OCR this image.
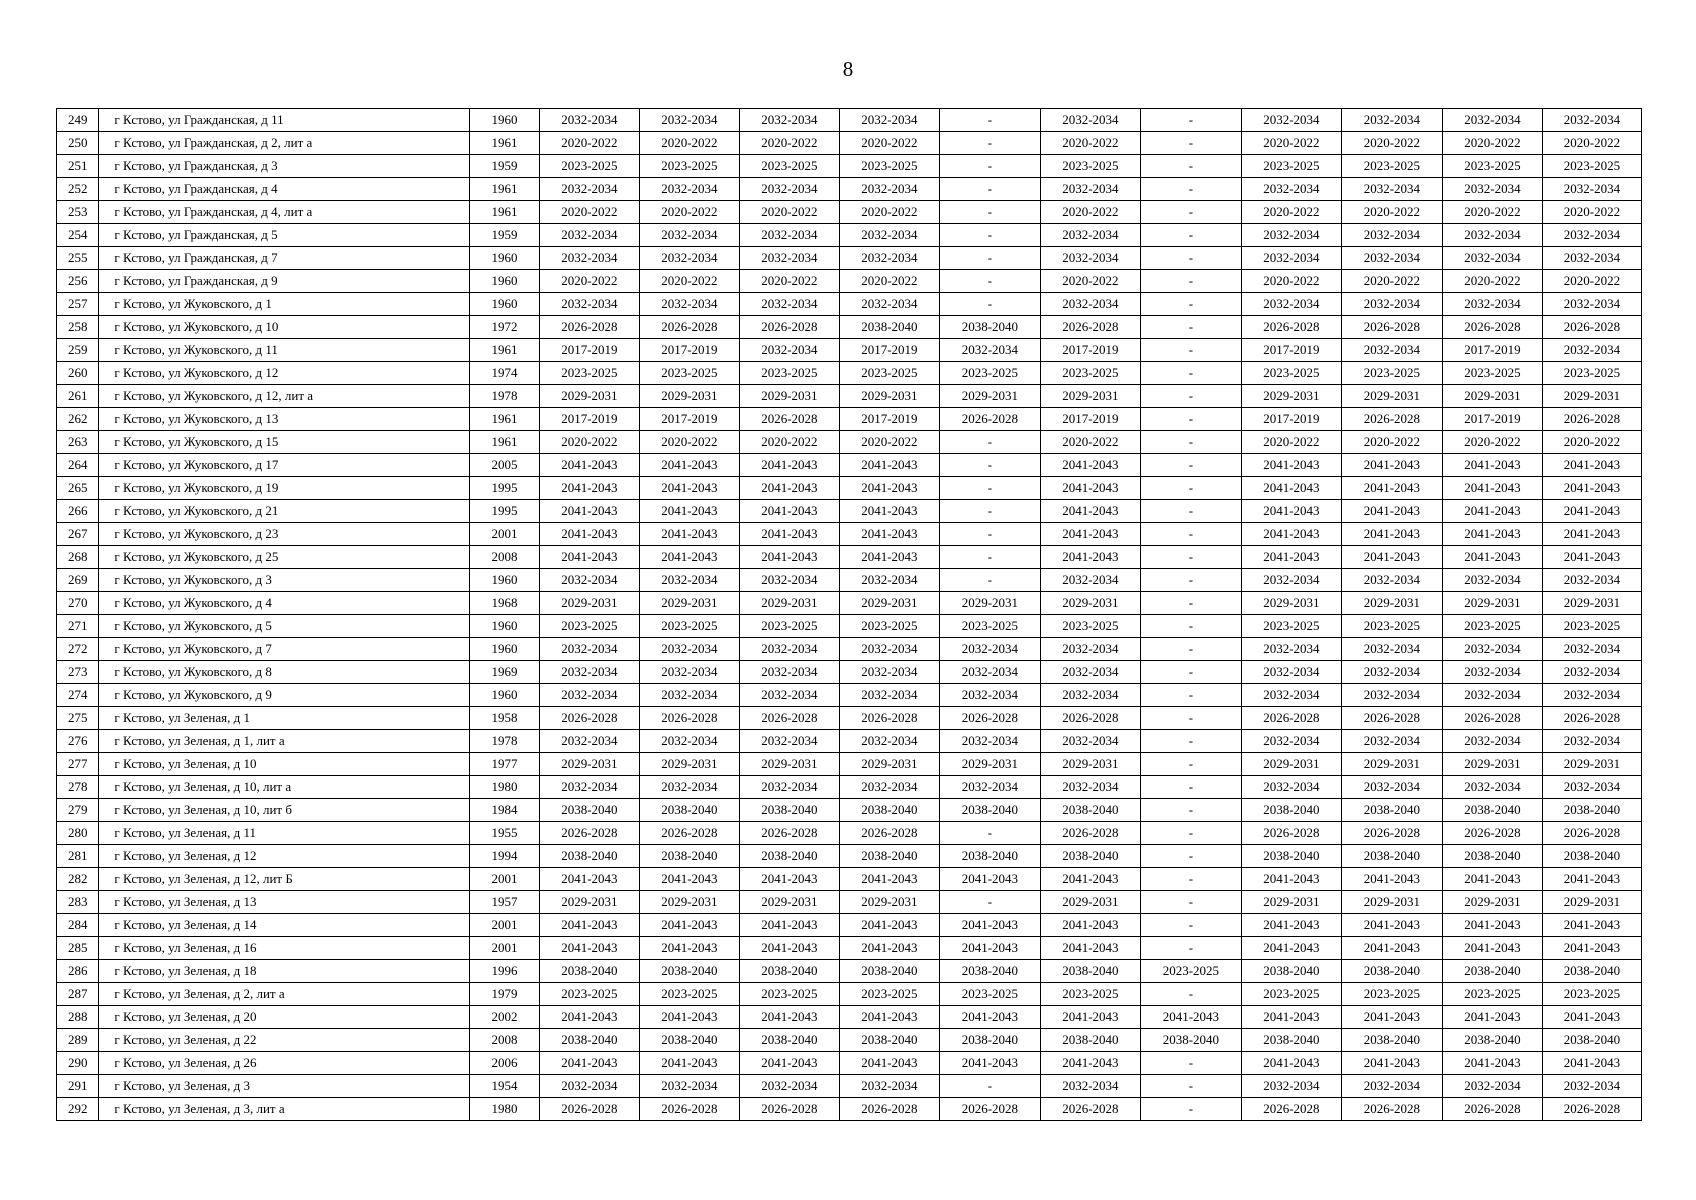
8
249	г Кстово, ул Гражданская, д 11	1960	2032-2034	2032-2034	2032-2034	2032-2034	-	2032-2034	-	2032-2034	2032-2034	2032-2034	2032-2034
250	г Кстово, ул Гражданская, д 2, лит а	1961	2020-2022	2020-2022	2020-2022	2020-2022	-	2020-2022	-	2020-2022	2020-2022	2020-2022	2020-2022
251	г Кстово, ул Гражданская, д 3	1959	2023-2025	2023-2025	2023-2025	2023-2025	-	2023-2025	-	2023-2025	2023-2025	2023-2025	2023-2025
252	г Кстово, ул Гражданская, д 4	1961	2032-2034	2032-2034	2032-2034	2032-2034	-	2032-2034	-	2032-2034	2032-2034	2032-2034	2032-2034
253	г Кстово, ул Гражданская, д 4, лит а	1961	2020-2022	2020-2022	2020-2022	2020-2022	-	2020-2022	-	2020-2022	2020-2022	2020-2022	2020-2022
254	г Кстово, ул Гражданская, д 5	1959	2032-2034	2032-2034	2032-2034	2032-2034	-	2032-2034	-	2032-2034	2032-2034	2032-2034	2032-2034
255	г Кстово, ул Гражданская, д 7	1960	2032-2034	2032-2034	2032-2034	2032-2034	-	2032-2034	-	2032-2034	2032-2034	2032-2034	2032-2034
256	г Кстово, ул Гражданская, д 9	1960	2020-2022	2020-2022	2020-2022	2020-2022	-	2020-2022	-	2020-2022	2020-2022	2020-2022	2020-2022
257	г Кстово, ул Жуковского, д 1	1960	2032-2034	2032-2034	2032-2034	2032-2034	-	2032-2034	-	2032-2034	2032-2034	2032-2034	2032-2034
258	г Кстово, ул Жуковского, д 10	1972	2026-2028	2026-2028	2026-2028	2038-2040	2038-2040	2026-2028	-	2026-2028	2026-2028	2026-2028	2026-2028
259	г Кстово, ул Жуковского, д 11	1961	2017-2019	2017-2019	2032-2034	2017-2019	2032-2034	2017-2019	-	2017-2019	2032-2034	2017-2019	2032-2034
260	г Кстово, ул Жуковского, д 12	1974	2023-2025	2023-2025	2023-2025	2023-2025	2023-2025	2023-2025	-	2023-2025	2023-2025	2023-2025	2023-2025
261	г Кстово, ул Жуковского, д 12, лит а	1978	2029-2031	2029-2031	2029-2031	2029-2031	2029-2031	2029-2031	-	2029-2031	2029-2031	2029-2031	2029-2031
262	г Кстово, ул Жуковского, д 13	1961	2017-2019	2017-2019	2026-2028	2017-2019	2026-2028	2017-2019	-	2017-2019	2026-2028	2017-2019	2026-2028
263	г Кстово, ул Жуковского, д 15	1961	2020-2022	2020-2022	2020-2022	2020-2022	-	2020-2022	-	2020-2022	2020-2022	2020-2022	2020-2022
264	г Кстово, ул Жуковского, д 17	2005	2041-2043	2041-2043	2041-2043	2041-2043	-	2041-2043	-	2041-2043	2041-2043	2041-2043	2041-2043
265	г Кстово, ул Жуковского, д 19	1995	2041-2043	2041-2043	2041-2043	2041-2043	-	2041-2043	-	2041-2043	2041-2043	2041-2043	2041-2043
266	г Кстово, ул Жуковского, д 21	1995	2041-2043	2041-2043	2041-2043	2041-2043	-	2041-2043	-	2041-2043	2041-2043	2041-2043	2041-2043
267	г Кстово, ул Жуковского, д 23	2001	2041-2043	2041-2043	2041-2043	2041-2043	-	2041-2043	-	2041-2043	2041-2043	2041-2043	2041-2043
268	г Кстово, ул Жуковского, д 25	2008	2041-2043	2041-2043	2041-2043	2041-2043	-	2041-2043	-	2041-2043	2041-2043	2041-2043	2041-2043
269	г Кстово, ул Жуковского, д 3	1960	2032-2034	2032-2034	2032-2034	2032-2034	-	2032-2034	-	2032-2034	2032-2034	2032-2034	2032-2034
270	г Кстово, ул Жуковского, д 4	1968	2029-2031	2029-2031	2029-2031	2029-2031	2029-2031	2029-2031	-	2029-2031	2029-2031	2029-2031	2029-2031
271	г Кстово, ул Жуковского, д 5	1960	2023-2025	2023-2025	2023-2025	2023-2025	2023-2025	2023-2025	-	2023-2025	2023-2025	2023-2025	2023-2025
272	г Кстово, ул Жуковского, д 7	1960	2032-2034	2032-2034	2032-2034	2032-2034	2032-2034	2032-2034	-	2032-2034	2032-2034	2032-2034	2032-2034
273	г Кстово, ул Жуковского, д 8	1969	2032-2034	2032-2034	2032-2034	2032-2034	2032-2034	2032-2034	-	2032-2034	2032-2034	2032-2034	2032-2034
274	г Кстово, ул Жуковского, д 9	1960	2032-2034	2032-2034	2032-2034	2032-2034	2032-2034	2032-2034	-	2032-2034	2032-2034	2032-2034	2032-2034
275	г Кстово, ул Зеленая, д 1	1958	2026-2028	2026-2028	2026-2028	2026-2028	2026-2028	2026-2028	-	2026-2028	2026-2028	2026-2028	2026-2028
276	г Кстово, ул Зеленая, д 1, лит а	1978	2032-2034	2032-2034	2032-2034	2032-2034	2032-2034	2032-2034	-	2032-2034	2032-2034	2032-2034	2032-2034
277	г Кстово, ул Зеленая, д 10	1977	2029-2031	2029-2031	2029-2031	2029-2031	2029-2031	2029-2031	-	2029-2031	2029-2031	2029-2031	2029-2031
278	г Кстово, ул Зеленая, д 10, лит а	1980	2032-2034	2032-2034	2032-2034	2032-2034	2032-2034	2032-2034	-	2032-2034	2032-2034	2032-2034	2032-2034
279	г Кстово, ул Зеленая, д 10, лит б	1984	2038-2040	2038-2040	2038-2040	2038-2040	2038-2040	2038-2040	-	2038-2040	2038-2040	2038-2040	2038-2040
280	г Кстово, ул Зеленая, д 11	1955	2026-2028	2026-2028	2026-2028	2026-2028	-	2026-2028	-	2026-2028	2026-2028	2026-2028	2026-2028
281	г Кстово, ул Зеленая, д 12	1994	2038-2040	2038-2040	2038-2040	2038-2040	2038-2040	2038-2040	-	2038-2040	2038-2040	2038-2040	2038-2040
282	г Кстово, ул Зеленая, д 12, лит Б	2001	2041-2043	2041-2043	2041-2043	2041-2043	2041-2043	2041-2043	-	2041-2043	2041-2043	2041-2043	2041-2043
283	г Кстово, ул Зеленая, д 13	1957	2029-2031	2029-2031	2029-2031	2029-2031	-	2029-2031	-	2029-2031	2029-2031	2029-2031	2029-2031
284	г Кстово, ул Зеленая, д 14	2001	2041-2043	2041-2043	2041-2043	2041-2043	2041-2043	2041-2043	-	2041-2043	2041-2043	2041-2043	2041-2043
285	г Кстово, ул Зеленая, д 16	2001	2041-2043	2041-2043	2041-2043	2041-2043	2041-2043	2041-2043	-	2041-2043	2041-2043	2041-2043	2041-2043
286	г Кстово, ул Зеленая, д 18	1996	2038-2040	2038-2040	2038-2040	2038-2040	2038-2040	2038-2040	2023-2025	2038-2040	2038-2040	2038-2040	2038-2040
287	г Кстово, ул Зеленая, д 2, лит а	1979	2023-2025	2023-2025	2023-2025	2023-2025	2023-2025	2023-2025	-	2023-2025	2023-2025	2023-2025	2023-2025
288	г Кстово, ул Зеленая, д 20	2002	2041-2043	2041-2043	2041-2043	2041-2043	2041-2043	2041-2043	2041-2043	2041-2043	2041-2043	2041-2043	2041-2043
289	г Кстово, ул Зеленая, д 22	2008	2038-2040	2038-2040	2038-2040	2038-2040	2038-2040	2038-2040	2038-2040	2038-2040	2038-2040	2038-2040	2038-2040
290	г Кстово, ул Зеленая, д 26	2006	2041-2043	2041-2043	2041-2043	2041-2043	2041-2043	2041-2043	-	2041-2043	2041-2043	2041-2043	2041-2043
291	г Кстово, ул Зеленая, д 3	1954	2032-2034	2032-2034	2032-2034	2032-2034	-	2032-2034	-	2032-2034	2032-2034	2032-2034	2032-2034
292	г Кстово, ул Зеленая, д 3, лит а	1980	2026-2028	2026-2028	2026-2028	2026-2028	2026-2028	2026-2028	-	2026-2028	2026-2028	2026-2028	2026-2028
